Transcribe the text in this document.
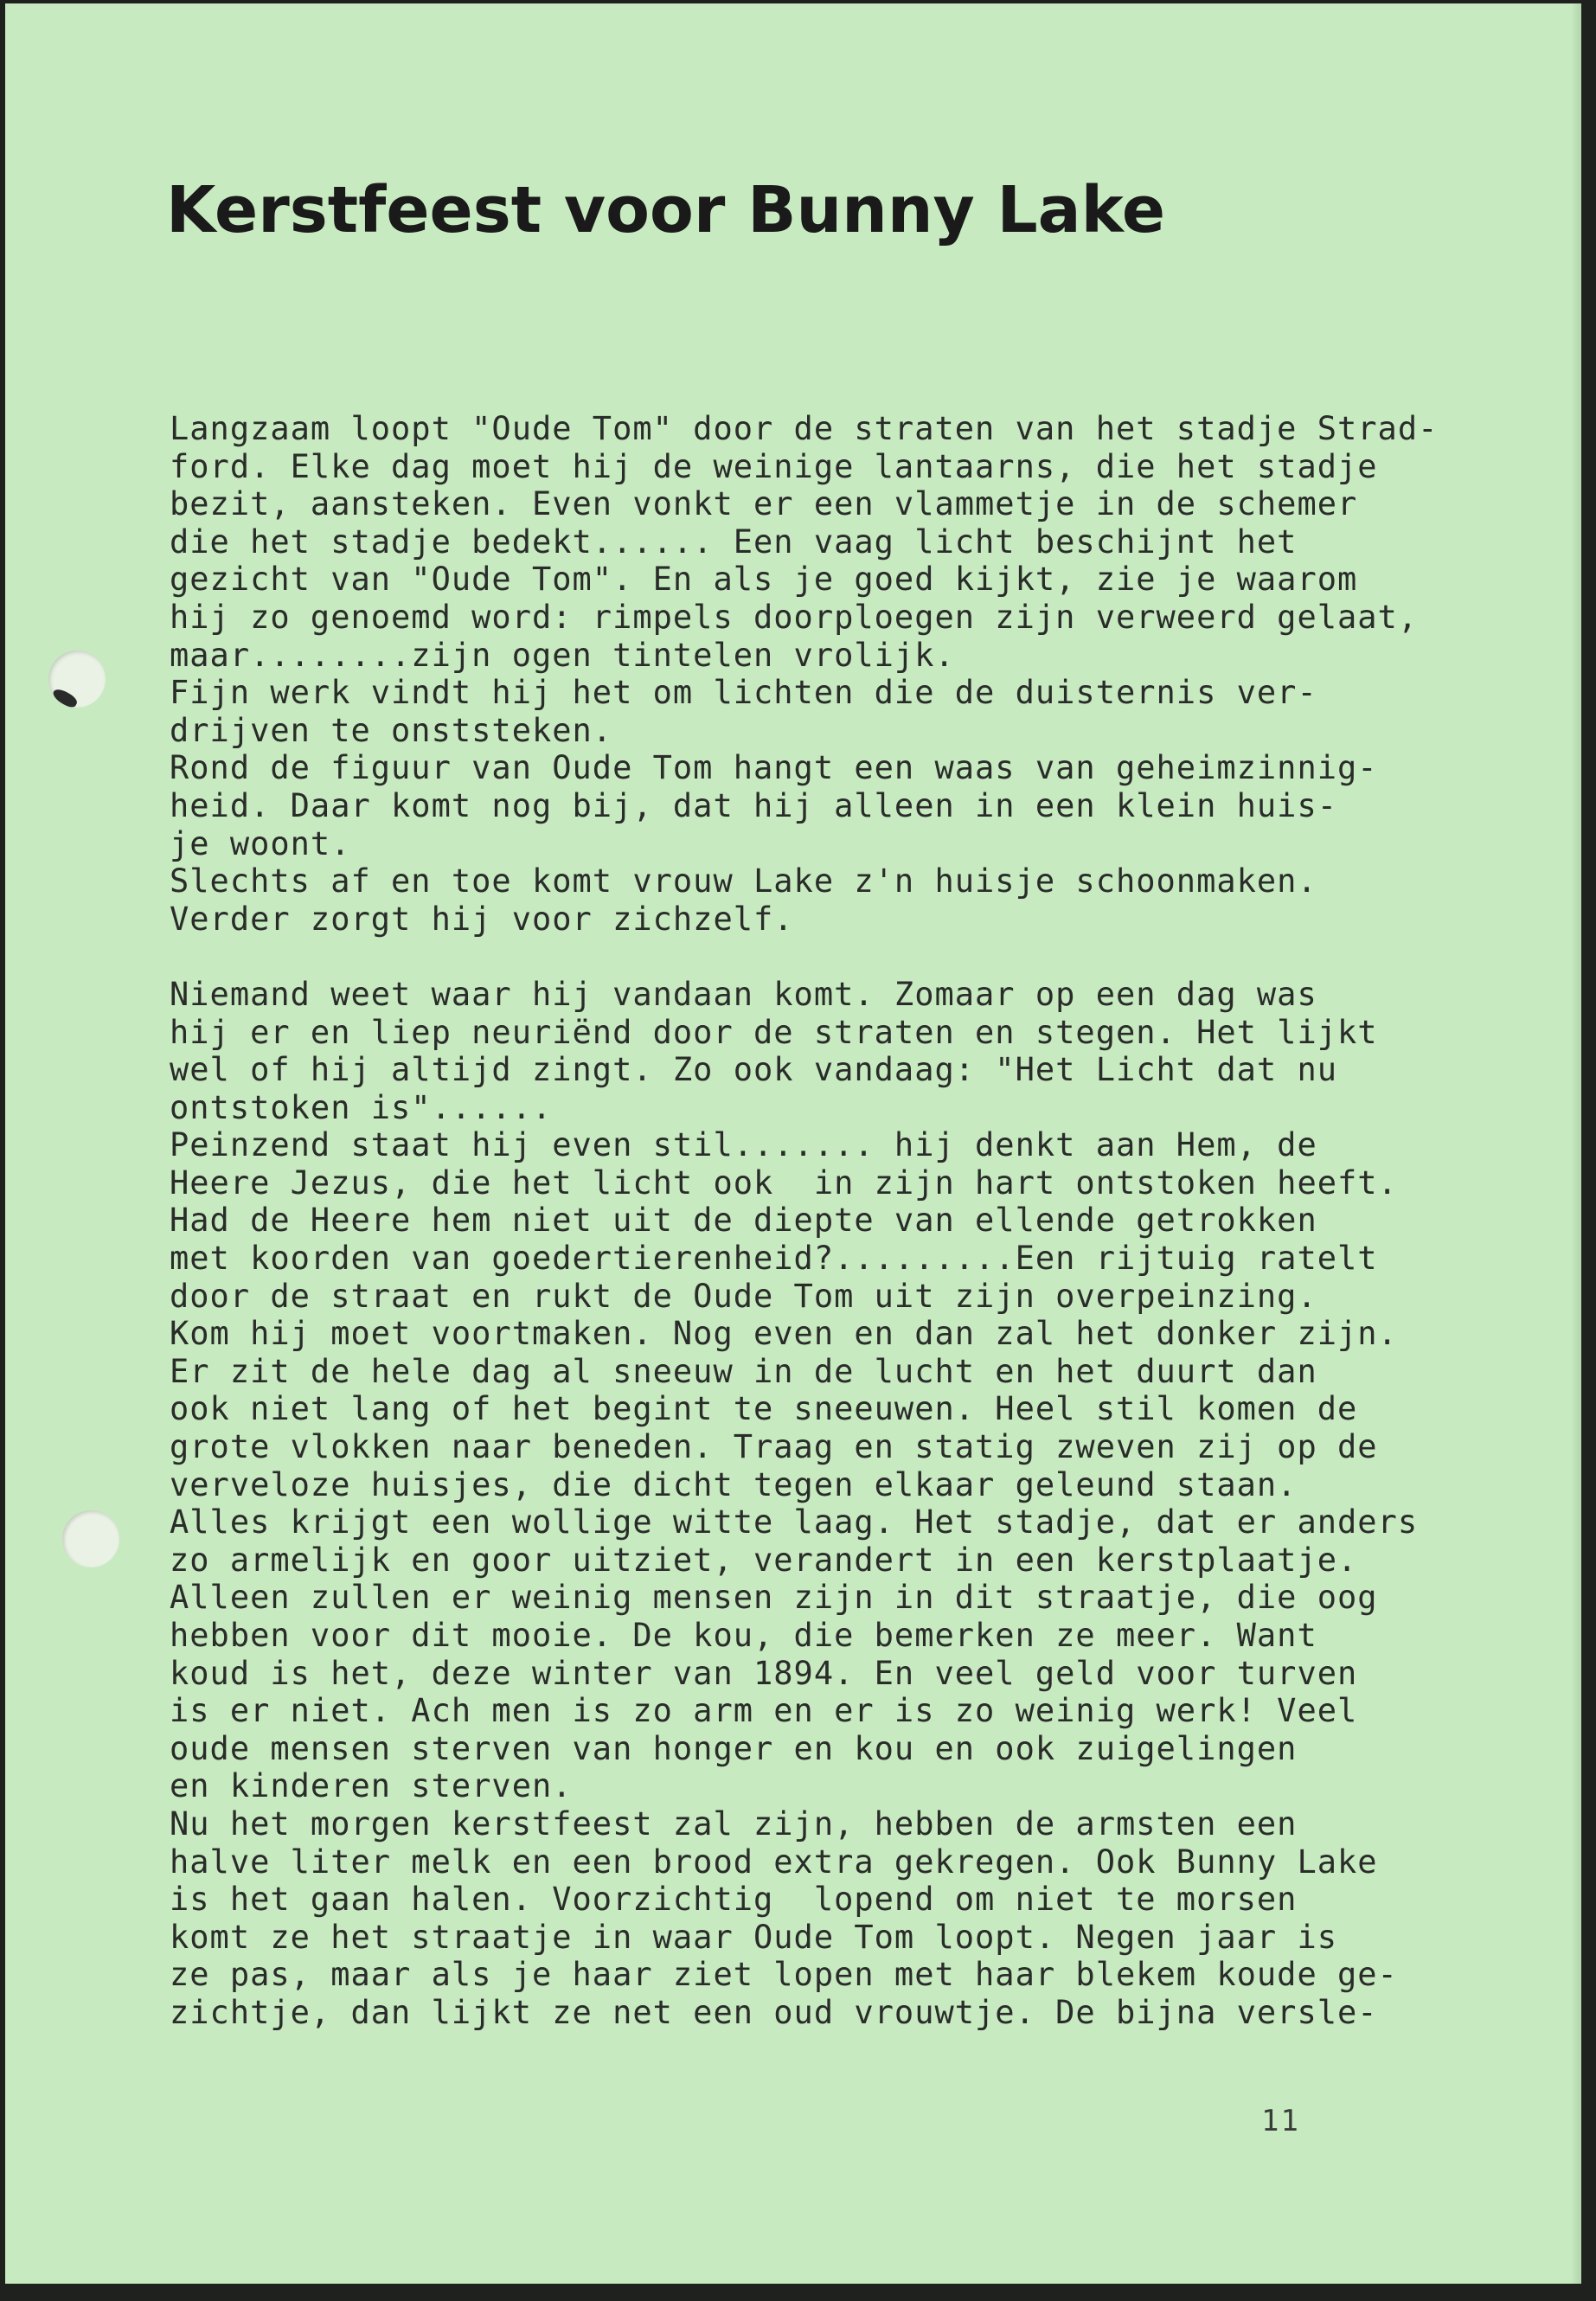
Kerstfeest voor Bunny Lake
Langzaam loopt "Oude Tom" door de straten van het stadje Strad-
ford. Elke dag moet hij de weinige lantaarns, die het stadje
bezit, aansteken. Even vonkt er een vlammetje in de schemer
die het stadje bedekt...... Een vaag licht beschijnt het
gezicht van "Oude Tom". En als je goed kijkt, zie je waarom
hij zo genoemd word: rimpels doorploegen zijn verweerd gelaat,
maar........zijn ogen tintelen vrolijk.
Fijn werk vindt hij het om lichten die de duisternis ver-
drijven te onststeken.
Rond de figuur van Oude Tom hangt een waas van geheimzinnig-
heid. Daar komt nog bij, dat hij alleen in een klein huis-
je woont.
Slechts af en toe komt vrouw Lake z'n huisje schoonmaken.
Verder zorgt hij voor zichzelf.
Niemand weet waar hij vandaan komt. Zomaar op een dag was
hij er en liep neuriënd door de straten en stegen. Het lijkt
wel of hij altijd zingt. Zo ook vandaag: "Het Licht dat nu
ontstoken is"......
Peinzend staat hij even stil....... hij denkt aan Hem, de
Heere Jezus, die het licht ook  in zijn hart ontstoken heeft.
Had de Heere hem niet uit de diepte van ellende getrokken
met koorden van goedertierenheid?.........Een rijtuig ratelt
door de straat en rukt de Oude Tom uit zijn overpeinzing.
Kom hij moet voortmaken. Nog even en dan zal het donker zijn.
Er zit de hele dag al sneeuw in de lucht en het duurt dan
ook niet lang of het begint te sneeuwen. Heel stil komen de
grote vlokken naar beneden. Traag en statig zweven zij op de
verveloze huisjes, die dicht tegen elkaar geleund staan.
Alles krijgt een wollige witte laag. Het stadje, dat er anders
zo armelijk en goor uitziet, verandert in een kerstplaatje.
Alleen zullen er weinig mensen zijn in dit straatje, die oog
hebben voor dit mooie. De kou, die bemerken ze meer. Want
koud is het, deze winter van 1894. En veel geld voor turven
is er niet. Ach men is zo arm en er is zo weinig werk! Veel
oude mensen sterven van honger en kou en ook zuigelingen
en kinderen sterven.
Nu het morgen kerstfeest zal zijn, hebben de armsten een
halve liter melk en een brood extra gekregen. Ook Bunny Lake
is het gaan halen. Voorzichtig  lopend om niet te morsen
komt ze het straatje in waar Oude Tom loopt. Negen jaar is
ze pas, maar als je haar ziet lopen met haar blekem koude ge-
zichtje, dan lijkt ze net een oud vrouwtje. De bijna versle-
11
